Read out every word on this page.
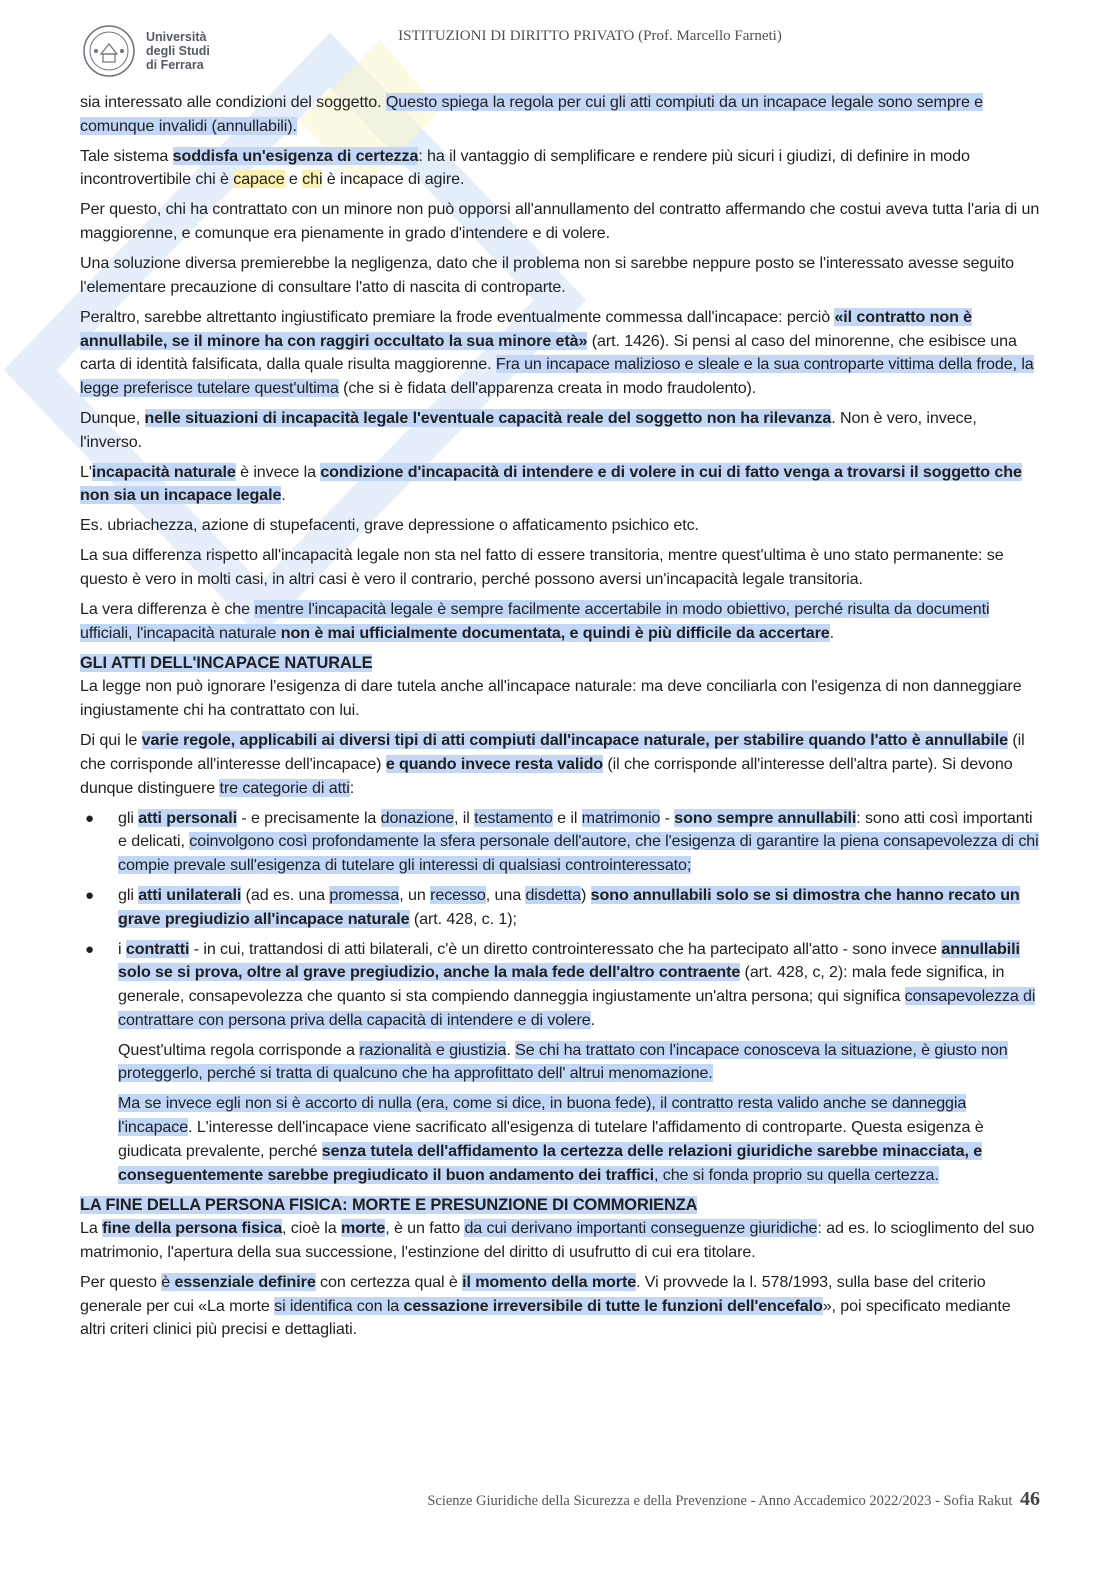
Università
degli Studi
di Ferrara
ISTITUZIONI DI DIRITTO PRIVATO (Prof. Marcello Farneti)

sia interessato alle condizioni del soggetto. Questo spiega la regola per cui gli atti compiuti da un incapace legale sono sempre e comunque invalidi (annullabili).

Tale sistema soddisfa un'esigenza di certezza: ha il vantaggio di semplificare e rendere più sicuri i giudizi, di definire in modo incontrovertibile chi è capace e chi è incapace di agire.

Per questo, chi ha contrattato con un minore non può opporsi all'annullamento del contratto affermando che costui aveva tutta l'aria di un maggiorenne, e comunque era pienamente in grado d'intendere e di volere.

Una soluzione diversa premierebbe la negligenza, dato che il problema non si sarebbe neppure posto se l'interessato avesse seguito l'elementare precauzione di consultare l'atto di nascita di controparte.

Peraltro, sarebbe altrettanto ingiustificato premiare la frode eventualmente commessa dall'incapace: perciò «il contratto non è annullabile, se il minore ha con raggiri occultato la sua minore età» (art. 1426). Si pensi al caso del minorenne, che esibisce una carta di identità falsificata, dalla quale risulta maggiorenne. Fra un incapace malizioso e sleale e la sua controparte vittima della frode, la legge preferisce tutelare quest'ultima (che si è fidata dell'apparenza creata in modo fraudolento).

Dunque, nelle situazioni di incapacità legale l'eventuale capacità reale del soggetto non ha rilevanza. Non è vero, invece, l'inverso.

L'incapacità naturale è invece la condizione d'incapacità di intendere e di volere in cui di fatto venga a trovarsi il soggetto che non sia un incapace legale.

Es. ubriachezza, azione di stupefacenti, grave depressione o affaticamento psichico etc.

La sua differenza rispetto all'incapacità legale non sta nel fatto di essere transitoria, mentre quest'ultima è uno stato permanente: se questo è vero in molti casi, in altri casi è vero il contrario, perché possono aversi un'incapacità legale transitoria.

La vera differenza è che mentre l'incapacità legale è sempre facilmente accertabile in modo obiettivo, perché risulta da documenti ufficiali, l'incapacità naturale non è mai ufficialmente documentata, e quindi è più difficile da accertare.

GLI ATTI DELL'INCAPACE NATURALE

La legge non può ignorare l'esigenza di dare tutela anche all'incapace naturale: ma deve conciliarla con l'esigenza di non danneggiare ingiustamente chi ha contrattato con lui.

Di qui le varie regole, applicabili ai diversi tipi di atti compiuti dall'incapace naturale, per stabilire quando l'atto è annullabile (il che corrisponde all'interesse dell'incapace) e quando invece resta valido (il che corrisponde all'interesse dell'altra parte). Si devono dunque distinguere tre categorie di atti:

● gli atti personali - e precisamente la donazione, il testamento e il matrimonio - sono sempre annullabili: sono atti così importanti e delicati, coinvolgono così profondamente la sfera personale dell'autore, che l'esigenza di garantire la piena consapevolezza di chi compie prevale sull'esigenza di tutelare gli interessi di qualsiasi controinteressato;
● gli atti unilaterali (ad es. una promessa, un recesso, una disdetta) sono annullabili solo se si dimostra che hanno recato un grave pregiudizio all'incapace naturale (art. 428, c. 1);
● i contratti - in cui, trattandosi di atti bilaterali, c'è un diretto controinteressato che ha partecipato all'atto - sono invece annullabili solo se si prova, oltre al grave pregiudizio, anche la mala fede dell'altro contraente (art. 428, c, 2): mala fede significa, in generale, consapevolezza che quanto si sta compiendo danneggia ingiustamente un'altra persona; qui significa consapevolezza di contrattare con persona priva della capacità di intendere e di volere.

Quest'ultima regola corrisponde a razionalità e giustizia. Se chi ha trattato con l'incapace conosceva la situazione, è giusto non proteggerlo, perché si tratta di qualcuno che ha approfittato dell' altrui menomazione.

Ma se invece egli non si è accorto di nulla (era, come si dice, in buona fede), il contratto resta valido anche se danneggia l'incapace. L'interesse dell'incapace viene sacrificato all'esigenza di tutelare l'affidamento di controparte. Questa esigenza è giudicata prevalente, perché senza tutela dell'affidamento la certezza delle relazioni giuridiche sarebbe minacciata, e conseguentemente sarebbe pregiudicato il buon andamento dei traffici, che si fonda proprio su quella certezza.

LA FINE DELLA PERSONA FISICA: MORTE E PRESUNZIONE DI COMMORIENZA

La fine della persona fisica, cioè la morte, è un fatto da cui derivano importanti conseguenze giuridiche: ad es. lo scioglimento del suo matrimonio, l'apertura della sua successione, l'estinzione del diritto di usufrutto di cui era titolare.

Per questo è essenziale definire con certezza qual è il momento della morte. Vi provvede la l. 578/1993, sulla base del criterio generale per cui «La morte si identifica con la cessazione irreversibile di tutte le funzioni dell'encefalo», poi specificato mediante altri criteri clinici più precisi e dettagliati.

Scienze Giuridiche della Sicurezza e della Prevenzione - Anno Accademico 2022/2023 - Sofia Rakut 46
